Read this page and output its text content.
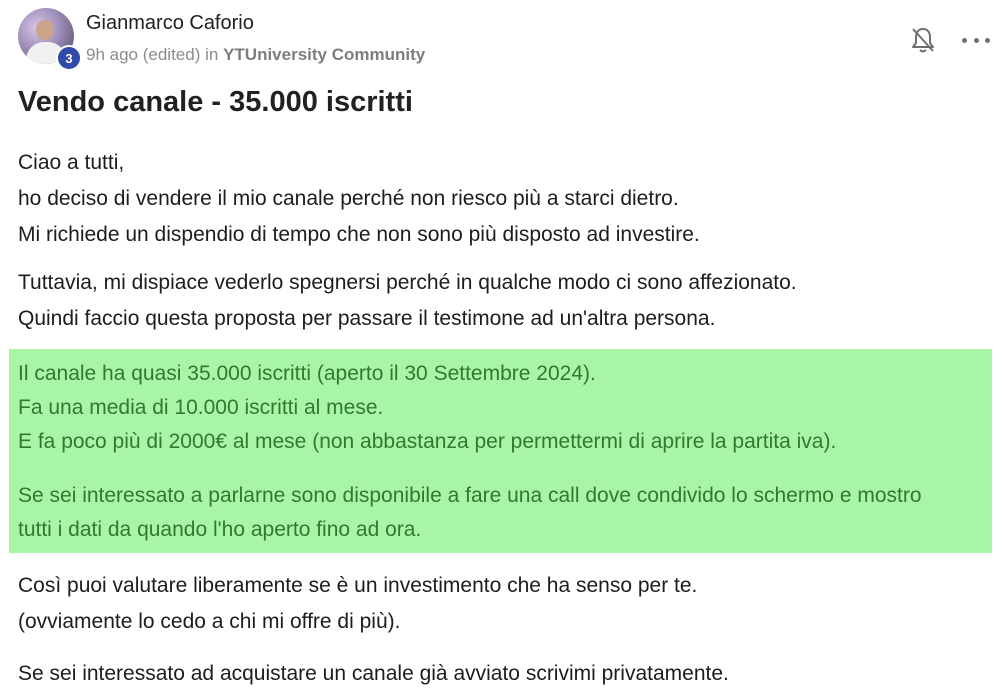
3
Gianmarco Caforio
9h ago (edited) in YTUniversity Community
Vendo canale - 35.000 iscritti
Ciao a tutti,
ho deciso di vendere il mio canale perché non riesco più a starci dietro.
Mi richiede un dispendio di tempo che non sono più disposto ad investire.
Tuttavia, mi dispiace vederlo spegnersi perché in qualche modo ci sono affezionato.
Quindi faccio questa proposta per passare il testimone ad un'altra persona.
Il canale ha quasi 35.000 iscritti (aperto il 30 Settembre 2024).
Fa una media di 10.000 iscritti al mese.
E fa poco più di 2000€ al mese (non abbastanza per permettermi di aprire la partita iva).
Se sei interessato a parlarne sono disponibile a fare una call dove condivido lo schermo e mostro
tutti i dati da quando l'ho aperto fino ad ora.
Così puoi valutare liberamente se è un investimento che ha senso per te.
(ovviamente lo cedo a chi mi offre di più).
Se sei interessato ad acquistare un canale già avviato scrivimi privatamente.
